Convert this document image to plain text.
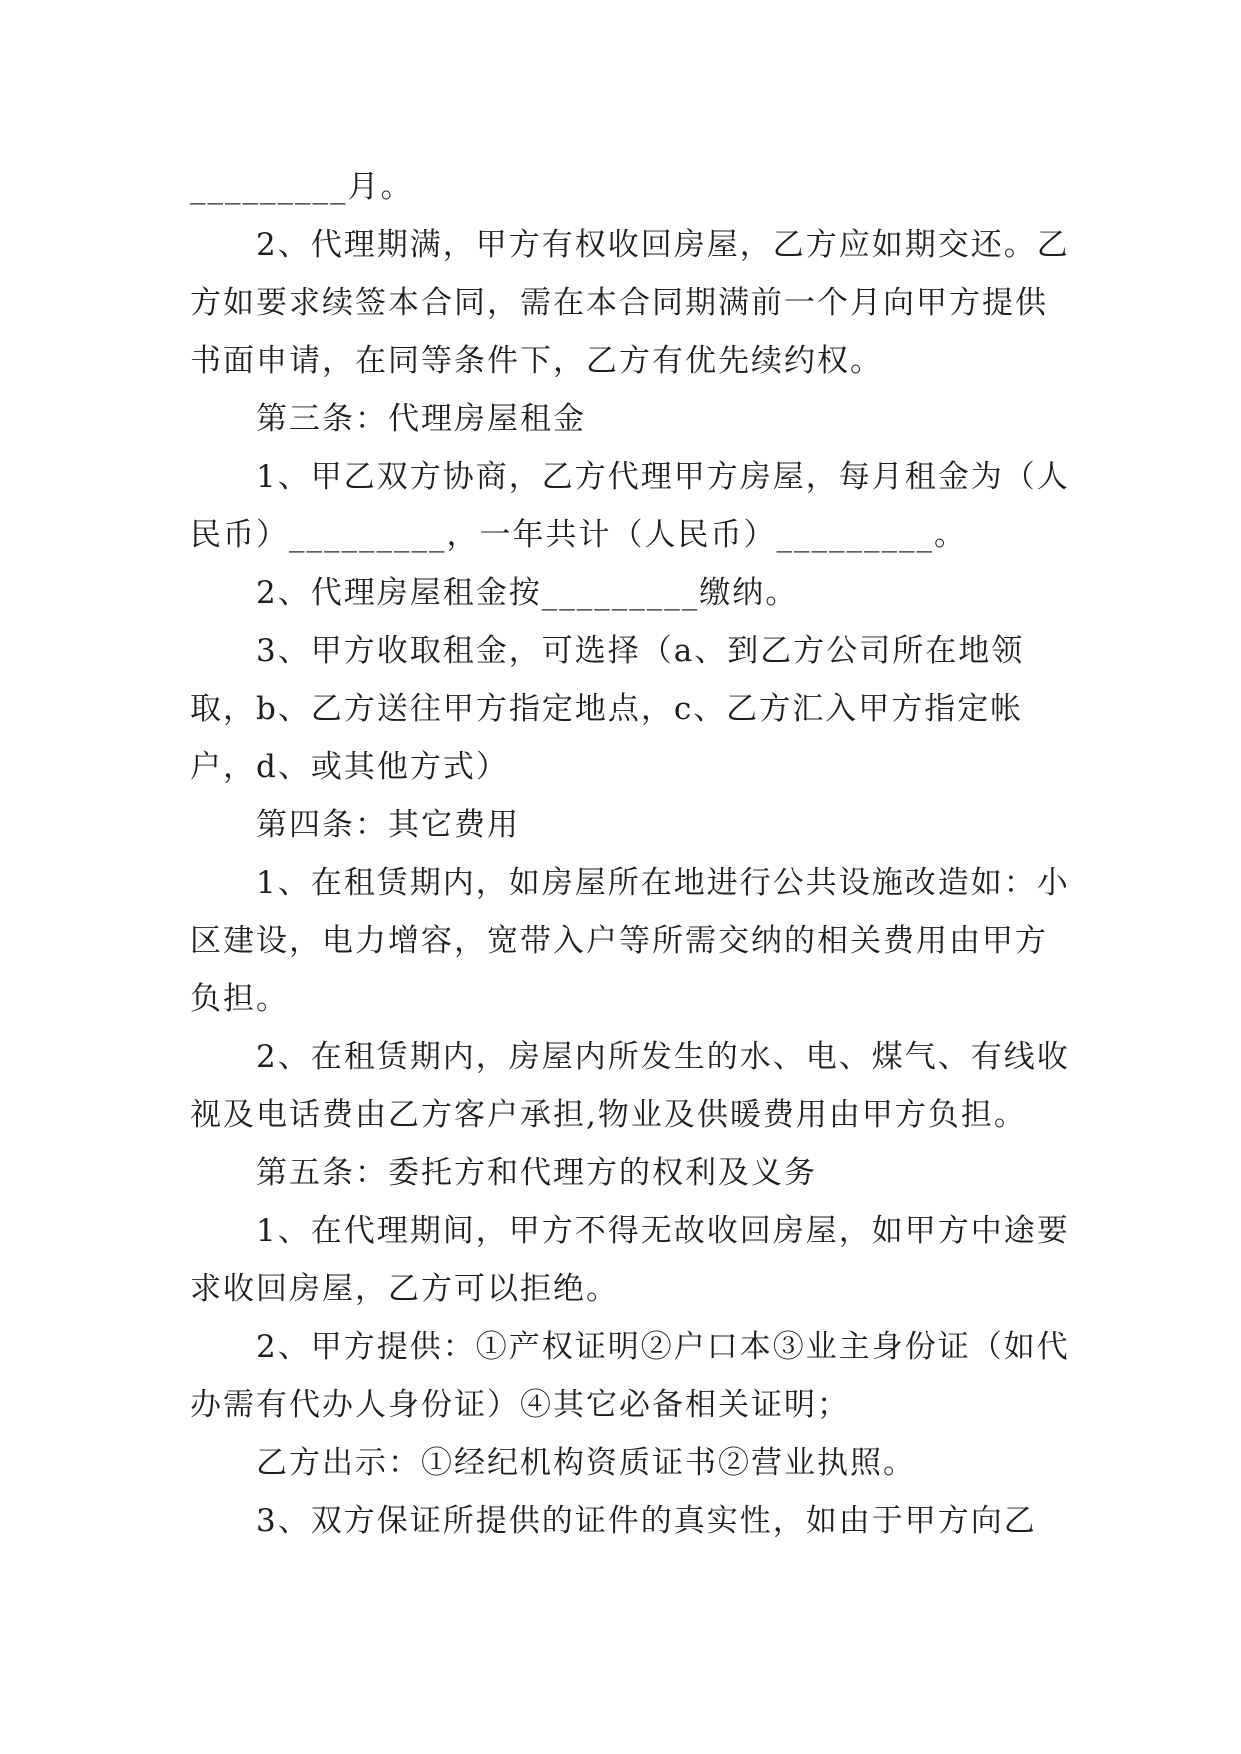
_________月。

2、代理期满，甲方有权收回房屋，乙方应如期交还。乙方如要求续签本合同，需在本合同期满前一个月向甲方提供书面申请，在同等条件下，乙方有优先续约权。

第三条：代理房屋租金

1、甲乙双方协商，乙方代理甲方房屋，每月租金为（人民币）_________，一年共计（人民币）_________。

2、代理房屋租金按_________缴纳。

3、甲方收取租金，可选择（a、到乙方公司所在地领取，b、乙方送往甲方指定地点，c、乙方汇入甲方指定帐户，d、或其他方式）

第四条：其它费用

1、在租赁期内，如房屋所在地进行公共设施改造如：小区建设，电力增容，宽带入户等所需交纳的相关费用由甲方负担。

2、在租赁期内，房屋内所发生的水、电、煤气、有线收视及电话费由乙方客户承担,物业及供暖费用由甲方负担。

第五条：委托方和代理方的权利及义务

1、在代理期间，甲方不得无故收回房屋，如甲方中途要求收回房屋，乙方可以拒绝。

2、甲方提供：①产权证明②户口本③业主身份证（如代办需有代办人身份证）④其它必备相关证明；

乙方出示：①经纪机构资质证书②营业执照。

3、双方保证所提供的证件的真实性，如由于甲方向乙
